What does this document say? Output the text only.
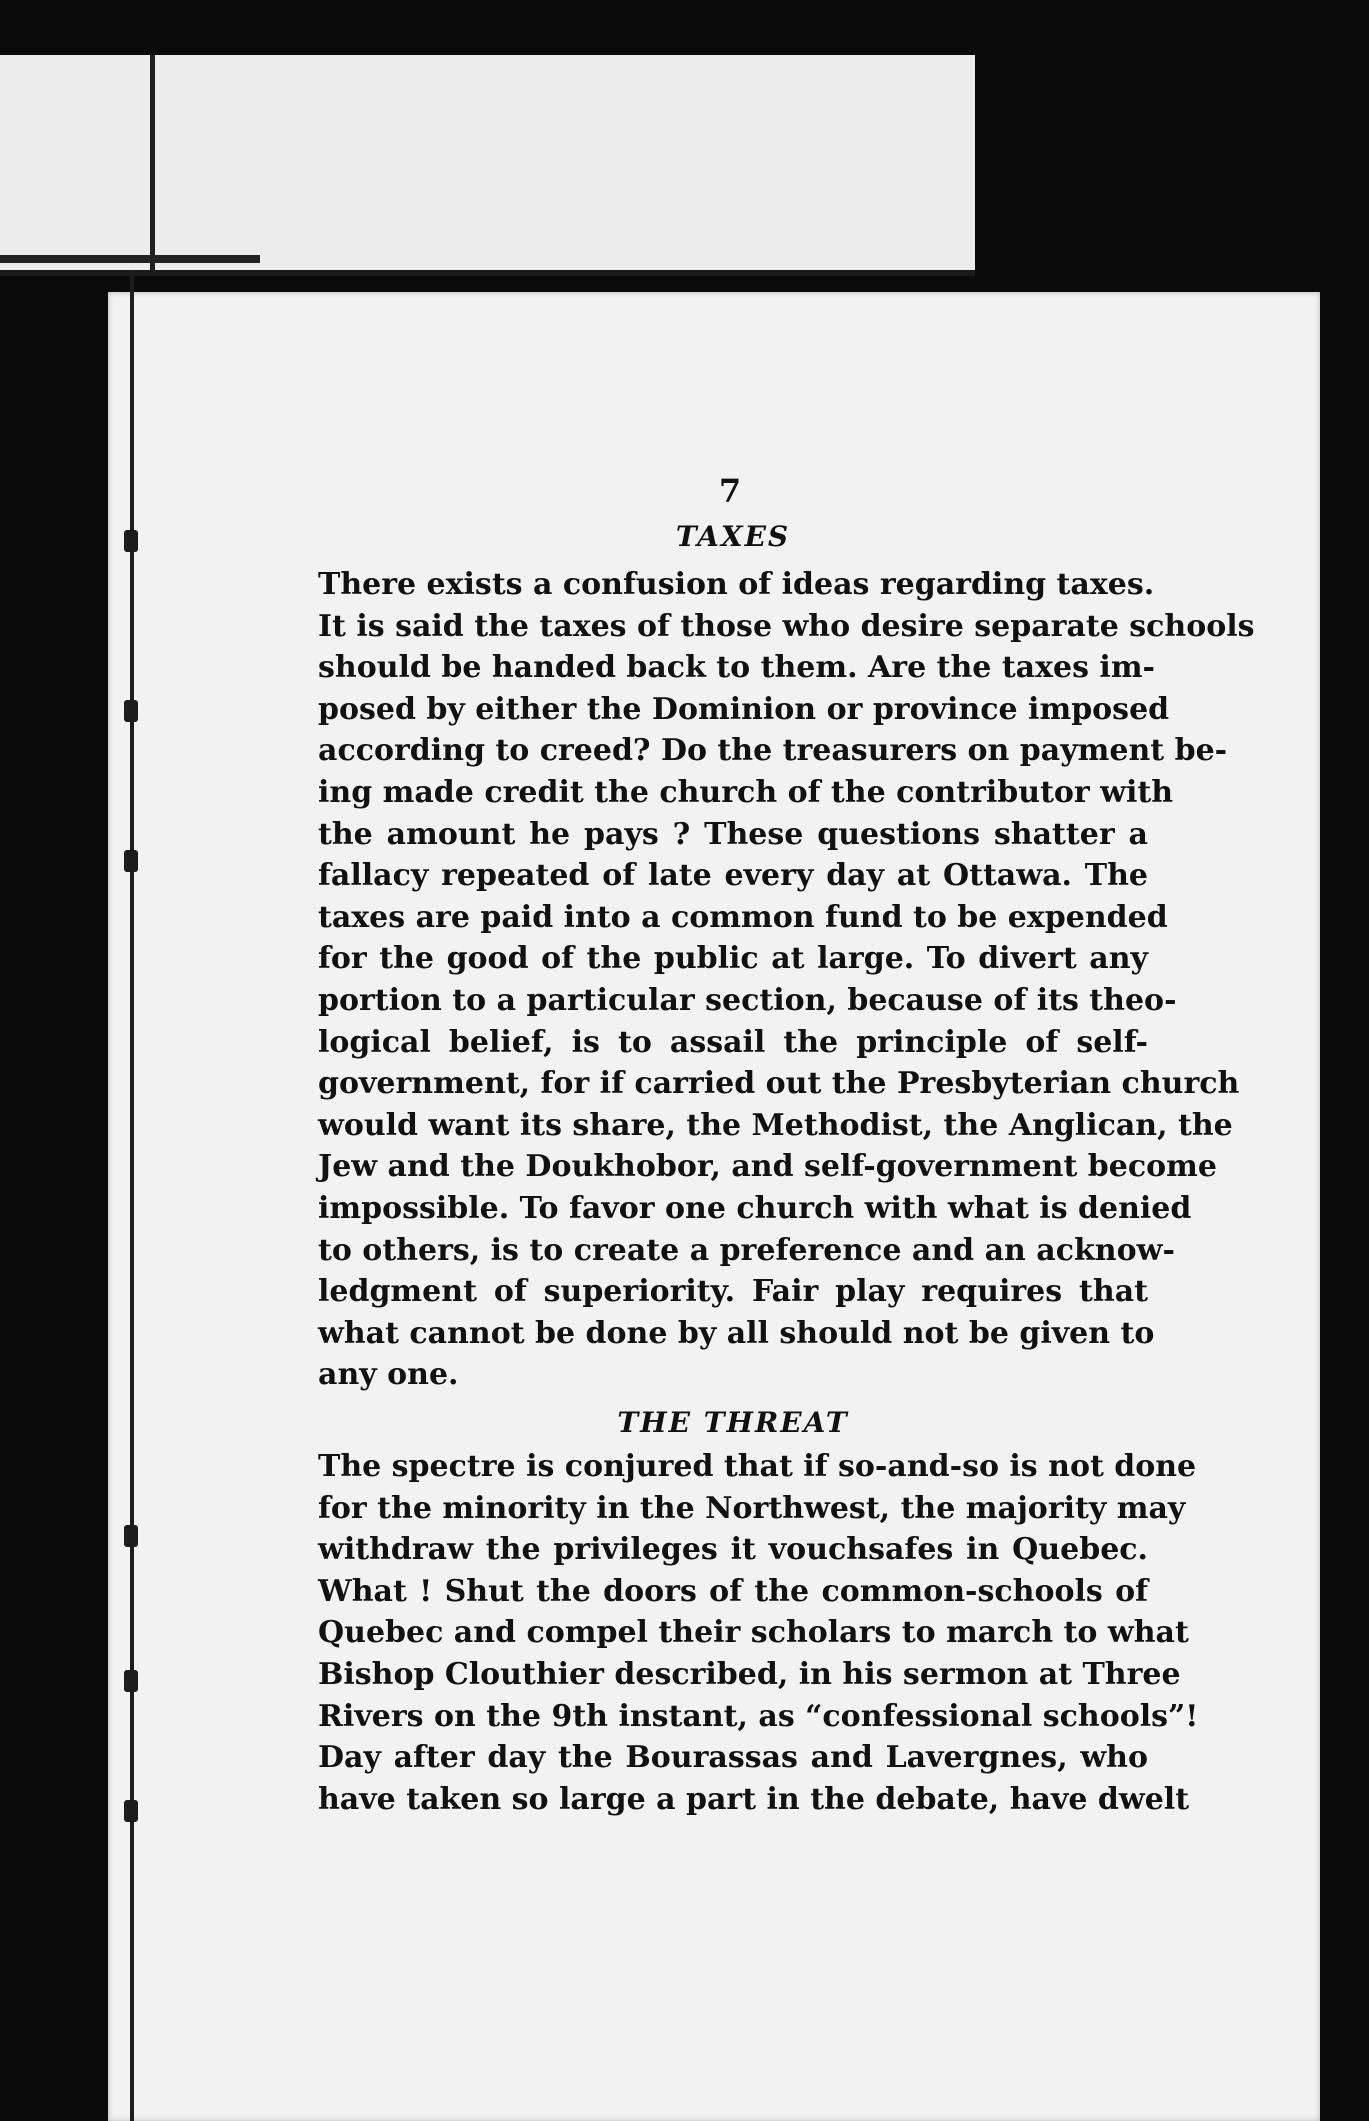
7
TAXES
There exists a confusion of ideas regarding taxes.
It is said the taxes of those who desire separate schools
should be handed back to them. Are the taxes im-
posed by either the Dominion or province imposed
according to creed? Do the treasurers on payment be-
ing made credit the church of the contributor with
the amount he pays ? These questions shatter a
fallacy repeated of late every day at Ottawa. The
taxes are paid into a common fund to be expended
for the good of the public at large. To divert any
portion to a particular section, because of its theo-
logical belief, is to assail the principle of self-
government, for if carried out the Presbyterian church
would want its share, the Methodist, the Anglican, the
Jew and the Doukhobor, and self-government become
impossible. To favor one church with what is denied
to others, is to create a preference and an acknow-
ledgment of superiority. Fair play requires that
what cannot be done by all should not be given to
any one.
THE THREAT
The spectre is conjured that if so-and-so is not done
for the minority in the Northwest, the majority may
withdraw the privileges it vouchsafes in Quebec.
What ! Shut the doors of the common-schools of
Quebec and compel their scholars to march to what
Bishop Clouthier described, in his sermon at Three
Rivers on the 9th instant, as “confessional schools”!
Day after day the Bourassas and Lavergnes, who
have taken so large a part in the debate, have dwelt
